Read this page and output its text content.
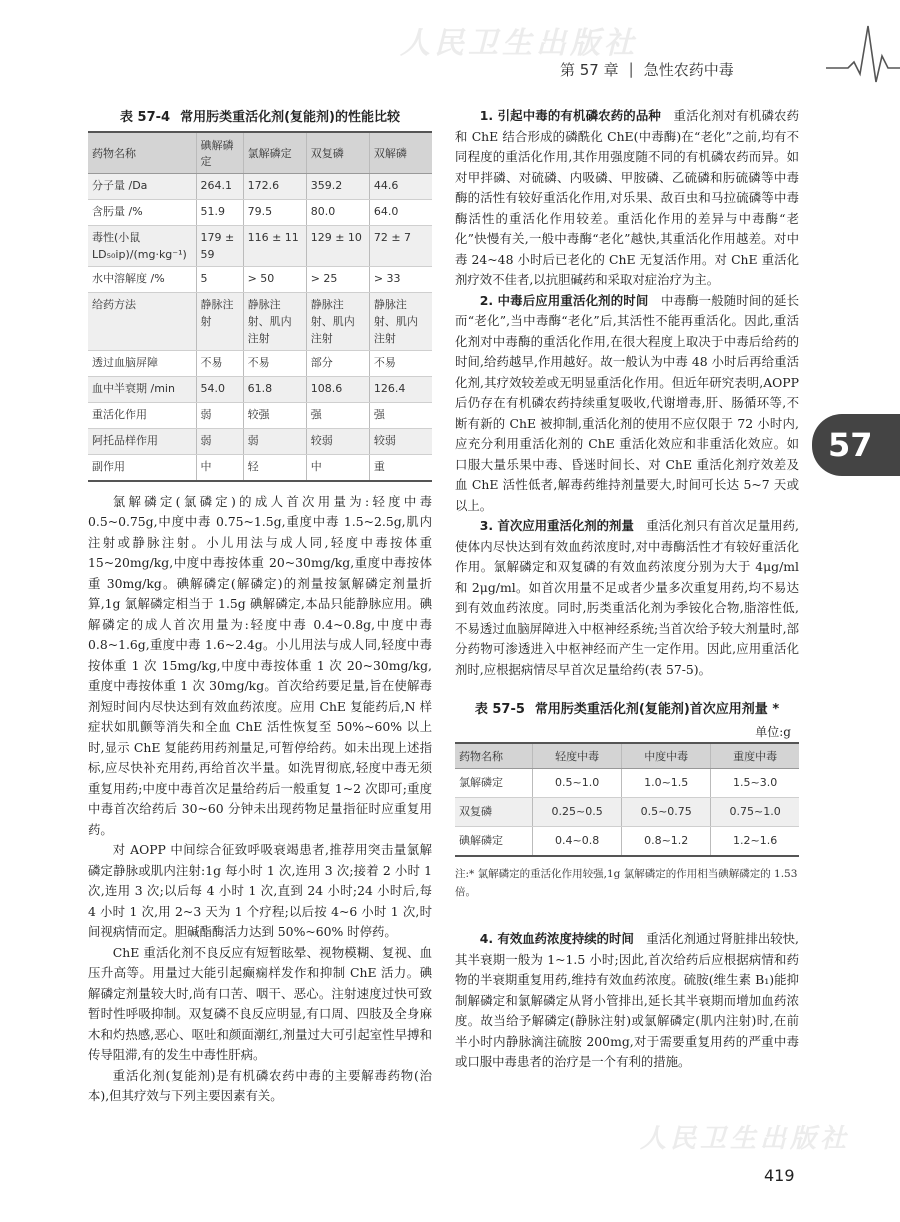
人民卫生出版社
人民卫生出版社
第 57 章 | 急性农药中毒
57
表 57-4 常用肟类重活化剂(复能剂)的性能比较
药物名称	碘解磷定	氯解磷定	双复磷	双解磷
分子量 /Da	264.1	172.6	359.2	44.6
含肟量 /%	51.9	79.5	80.0	64.0
毒性(小鼠 LD₅₀ip)/(mg·kg⁻¹)	179 ± 59	116 ± 11	129 ± 10	72 ± 7
水中溶解度 /%	5	> 50	> 25	> 33
给药方法	静脉注射	静脉注射、肌内注射	静脉注射、肌内注射	静脉注射、肌内注射
透过血脑屏障	不易	不易	部分	不易
血中半衰期 /min	54.0	61.8	108.6	126.4
重活化作用	弱	较强	强	强
阿托品样作用	弱	弱	较弱	较弱
副作用	中	轻	中	重

氯解磷定(氯磷定)的成人首次用量为:轻度中毒 0.5~0.75g,中度中毒 0.75~1.5g,重度中毒 1.5~2.5g,肌内注射或静脉注射。小儿用法与成人同,轻度中毒按体重 15~20mg/kg,中度中毒按体重 20~30mg/kg,重度中毒按体重 30mg/kg。碘解磷定(解磷定)的剂量按氯解磷定剂量折算,1g 氯解磷定相当于 1.5g 碘解磷定,本品只能静脉应用。碘解磷定的成人首次用量为:轻度中毒 0.4~0.8g,中度中毒 0.8~1.6g,重度中毒 1.6~2.4g。小儿用法与成人同,轻度中毒按体重 1 次 15mg/kg,中度中毒按体重 1 次 20~30mg/kg,重度中毒按体重 1 次 30mg/kg。首次给药要足量,旨在使解毒剂短时间内尽快达到有效血药浓度。应用 ChE 复能药后,N 样症状如肌颤等消失和全血 ChE 活性恢复至 50%~60% 以上时,显示 ChE 复能药用药剂量足,可暂停给药。如未出现上述指标,应尽快补充用药,再给首次半量。如洗胃彻底,轻度中毒无须重复用药;中度中毒首次足量给药后一般重复 1~2 次即可;重度中毒首次给药后 30~60 分钟未出现药物足量指征时应重复用药。

对 AOPP 中间综合征致呼吸衰竭患者,推荐用突击量氯解磷定静脉或肌内注射:1g 每小时 1 次,连用 3 次;接着 2 小时 1 次,连用 3 次;以后每 4 小时 1 次,直到 24 小时;24 小时后,每 4 小时 1 次,用 2~3 天为 1 个疗程;以后按 4~6 小时 1 次,时间视病情而定。胆碱酯酶活力达到 50%~60% 时停药。

ChE 重活化剂不良反应有短暂眩晕、视物模糊、复视、血压升高等。用量过大能引起癫痫样发作和抑制 ChE 活力。碘解磷定剂量较大时,尚有口苦、咽干、恶心。注射速度过快可致暂时性呼吸抑制。双复磷不良反应明显,有口周、四肢及全身麻木和灼热感,恶心、呕吐和颜面潮红,剂量过大可引起室性早搏和传导阻滞,有的发生中毒性肝病。

重活化剂(复能剂)是有机磷农药中毒的主要解毒药物(治本),但其疗效与下列主要因素有关。

1. 引起中毒的有机磷农药的品种  重活化剂对有机磷农药和 ChE 结合形成的磷酰化 ChE(中毒酶)在“老化”之前,均有不同程度的重活化作用,其作用强度随不同的有机磷农药而异。如对甲拌磷、对硫磷、内吸磷、甲胺磷、乙硫磷和肟硫磷等中毒酶的活性有较好重活化作用,对乐果、敌百虫和马拉硫磷等中毒酶活性的重活化作用较差。重活化作用的差异与中毒酶“老化”快慢有关,一般中毒酶“老化”越快,其重活化作用越差。对中毒 24~48 小时后已老化的 ChE 无复活作用。对 ChE 重活化剂疗效不佳者,以抗胆碱药和采取对症治疗为主。

2. 中毒后应用重活化剂的时间  中毒酶一般随时间的延长而“老化”,当中毒酶“老化”后,其活性不能再重活化。因此,重活化剂对中毒酶的重活化作用,在很大程度上取决于中毒后给药的时间,给药越早,作用越好。故一般认为中毒 48 小时后再给重活化剂,其疗效较差或无明显重活化作用。但近年研究表明,AOPP 后仍存在有机磷农药持续重复吸收,代谢增毒,肝、肠循环等,不断有新的 ChE 被抑制,重活化剂的使用不应仅限于 72 小时内,应充分利用重活化剂的 ChE 重活化效应和非重活化效应。如口服大量乐果中毒、昏迷时间长、对 ChE 重活化剂疗效差及血 ChE 活性低者,解毒药维持剂量要大,时间可长达 5~7 天或以上。

3. 首次应用重活化剂的剂量  重活化剂只有首次足量用药,使体内尽快达到有效血药浓度时,对中毒酶活性才有较好重活化作用。氯解磷定和双复磷的有效血药浓度分别为大于 4μg/ml 和 2μg/ml。如首次用量不足或者少量多次重复用药,均不易达到有效血药浓度。同时,肟类重活化剂为季铵化合物,脂溶性低,不易透过血脑屏障进入中枢神经系统;当首次给予较大剂量时,部分药物可渗透进入中枢神经而产生一定作用。因此,应用重活化剂时,应根据病情尽早首次足量给药(表 57-5)。

表 57-5 常用肟类重活化剂(复能剂)首次应用剂量 *
单位:g
药物名称	轻度中毒	中度中毒	重度中毒
氯解磷定	0.5~1.0	1.0~1.5	1.5~3.0
双复磷	0.25~0.5	0.5~0.75	0.75~1.0
碘解磷定	0.4~0.8	0.8~1.2	1.2~1.6
注:* 氯解磷定的重活化作用较强,1g 氯解磷定的作用相当碘解磷定的 1.53 倍。

4. 有效血药浓度持续的时间  重活化剂通过肾脏排出较快,其半衰期一般为 1~1.5 小时;因此,首次给药后应根据病情和药物的半衰期重复用药,维持有效血药浓度。硫胺(维生素 B₁)能抑制解磷定和氯解磷定从肾小管排出,延长其半衰期而增加血药浓度。故当给予解磷定(静脉注射)或氯解磷定(肌内注射)时,在前半小时内静脉滴注硫胺 200mg,对于需要重复用药的严重中毒或口服中毒患者的治疗是一个有利的措施。

419
